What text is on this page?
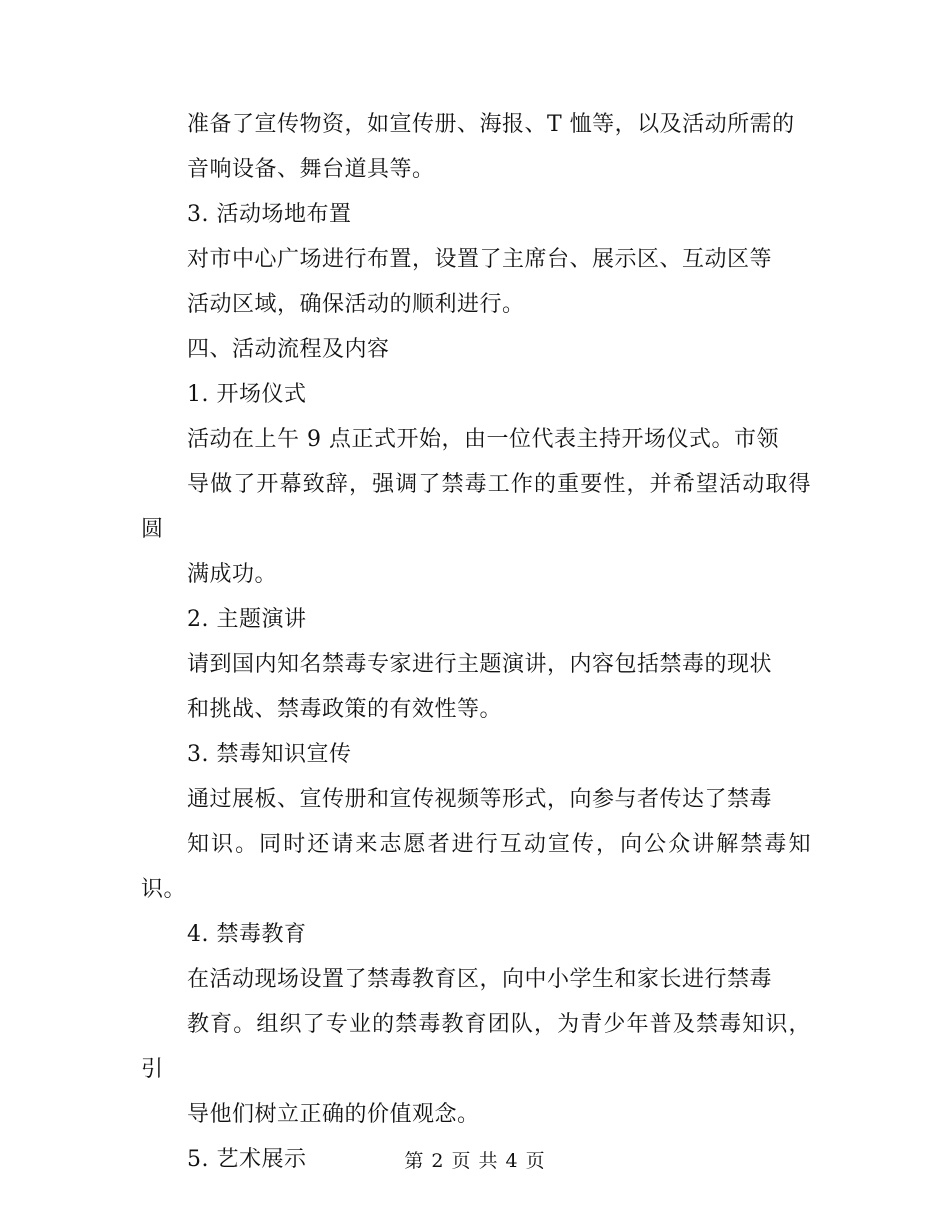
准备了宣传物资，如宣传册、海报、T 恤等，以及活动所需的
音响设备、舞台道具等。

3. 活动场地布置

对市中心广场进行布置，设置了主席台、展示区、互动区等
活动区域，确保活动的顺利进行。

四、活动流程及内容

1. 开场仪式

活动在上午 9 点正式开始，由一位代表主持开场仪式。市领
导做了开幕致辞，强调了禁毒工作的重要性，并希望活动取得圆
满成功。

2. 主题演讲

请到国内知名禁毒专家进行主题演讲，内容包括禁毒的现状
和挑战、禁毒政策的有效性等。

3. 禁毒知识宣传

通过展板、宣传册和宣传视频等形式，向参与者传达了禁毒
知识。同时还请来志愿者进行互动宣传，向公众讲解禁毒知识。

4. 禁毒教育

在活动现场设置了禁毒教育区，向中小学生和家长进行禁毒
教育。组织了专业的禁毒教育团队，为青少年普及禁毒知识，引
导他们树立正确的价值观念。

5. 艺术展示	第 2 页 共 4 页
